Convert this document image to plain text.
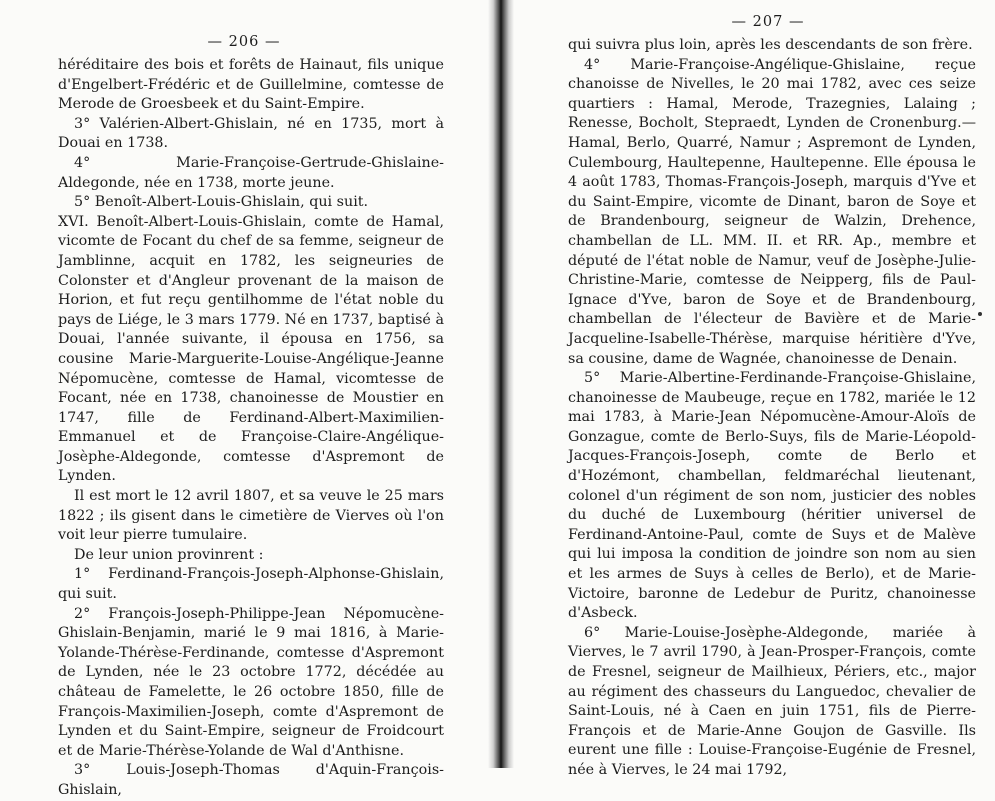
— 206 —

héréditaire des bois et forêts de Hainaut, fils unique d'Engelbert-Frédéric et de Guillelmine, comtesse de Merode de Groesbeek et du Saint-Empire.

3° Valérien-Albert-Ghislain, né en 1735, mort à Douai en 1738.

4° Marie-Françoise-Gertrude-Ghislaine-Aldegonde, née en 1738, morte jeune.

5° Benoît-Albert-Louis-Ghislain, qui suit.

XVI. Benoît-Albert-Louis-Ghislain, comte de Hamal, vicomte de Focant du chef de sa femme, seigneur de Jamblinne, acquit en 1782, les seigneuries de Colonster et d'Angleur provenant de la maison de Horion, et fut reçu gentilhomme de l'état noble du pays de Liége, le 3 mars 1779. Né en 1737, baptisé à Douai, l'année suivante, il épousa en 1756, sa cousine Marie-Marguerite-Louise-Angélique-Jeanne Népomucène, comtesse de Hamal, vicomtesse de Focant, née en 1738, chanoinesse de Moustier en 1747, fille de Ferdinand-Albert-Maximilien-Emmanuel et de Françoise-Claire-Angélique-Josèphe-Aldegonde, comtesse d'Aspremont de Lynden.

Il est mort le 12 avril 1807, et sa veuve le 25 mars 1822 ; ils gisent dans le cimetière de Vierves où l'on voit leur pierre tumulaire.

De leur union provinrent :

1° Ferdinand-François-Joseph-Alphonse-Ghislain, qui suit.

2° François-Joseph-Philippe-Jean Népomucène-Ghislain-Benjamin, marié le 9 mai 1816, à Marie-Yolande-Thérèse-Ferdinande, comtesse d'Aspremont de Lynden, née le 23 octobre 1772, décédée au château de Famelette, le 26 octobre 1850, fille de François-Maximilien-Joseph, comte d'Aspremont de Lynden et du Saint-Empire, seigneur de Froidcourt et de Marie-Thérèse-Yolande de Wal d'Anthisne.

3° Louis-Joseph-Thomas d'Aquin-François-Ghislain,

— 207 —

qui suivra plus loin, après les descendants de son frère.

4° Marie-Françoise-Angélique-Ghislaine, reçue chanoisse de Nivelles, le 20 mai 1782, avec ces seize quartiers : Hamal, Merode, Trazegnies, Lalaing ; Renesse, Bocholt, Stepraedt, Lynden de Cronenburg.— Hamal, Berlo, Quarré, Namur ; Aspremont de Lynden, Culembourg, Haultepenne, Haultepenne. Elle épousa le 4 août 1783, Thomas-François-Joseph, marquis d'Yve et du Saint-Empire, vicomte de Dinant, baron de Soye et de Brandenbourg, seigneur de Walzin, Drehence, chambellan de LL. MM. II. et RR. Ap., membre et député de l'état noble de Namur, veuf de Josèphe-Julie-Christine-Marie, comtesse de Neipperg, fils de Paul-Ignace d'Yve, baron de Soye et de Brandenbourg, chambellan de l'électeur de Bavière et de Marie-Jacqueline-Isabelle-Thérèse, marquise héritière d'Yve, sa cousine, dame de Wagnée, chanoinesse de Denain.

5° Marie-Albertine-Ferdinande-Françoise-Ghislaine, chanoinesse de Maubeuge, reçue en 1782, mariée le 12 mai 1783, à Marie-Jean Népomucène-Amour-Aloïs de Gonzague, comte de Berlo-Suys, fils de Marie-Léopold-Jacques-François-Joseph, comte de Berlo et d'Hozémont, chambellan, feldmaréchal lieutenant, colonel d'un régiment de son nom, justicier des nobles du duché de Luxembourg (héritier universel de Ferdinand-Antoine-Paul, comte de Suys et de Malève qui lui imposa la condition de joindre son nom au sien et les armes de Suys à celles de Berlo), et de Marie-Victoire, baronne de Ledebur de Puritz, chanoinesse d'Asbeck.

6° Marie-Louise-Josèphe-Aldegonde, mariée à Vierves, le 7 avril 1790, à Jean-Prosper-François, comte de Fresnel, seigneur de Mailhieux, Périers, etc., major au régiment des chasseurs du Languedoc, chevalier de Saint-Louis, né à Caen en juin 1751, fils de Pierre-François et de Marie-Anne Goujon de Gasville. Ils eurent une fille : Louise-Françoise-Eugénie de Fresnel, née à Vierves, le 24 mai 1792,
